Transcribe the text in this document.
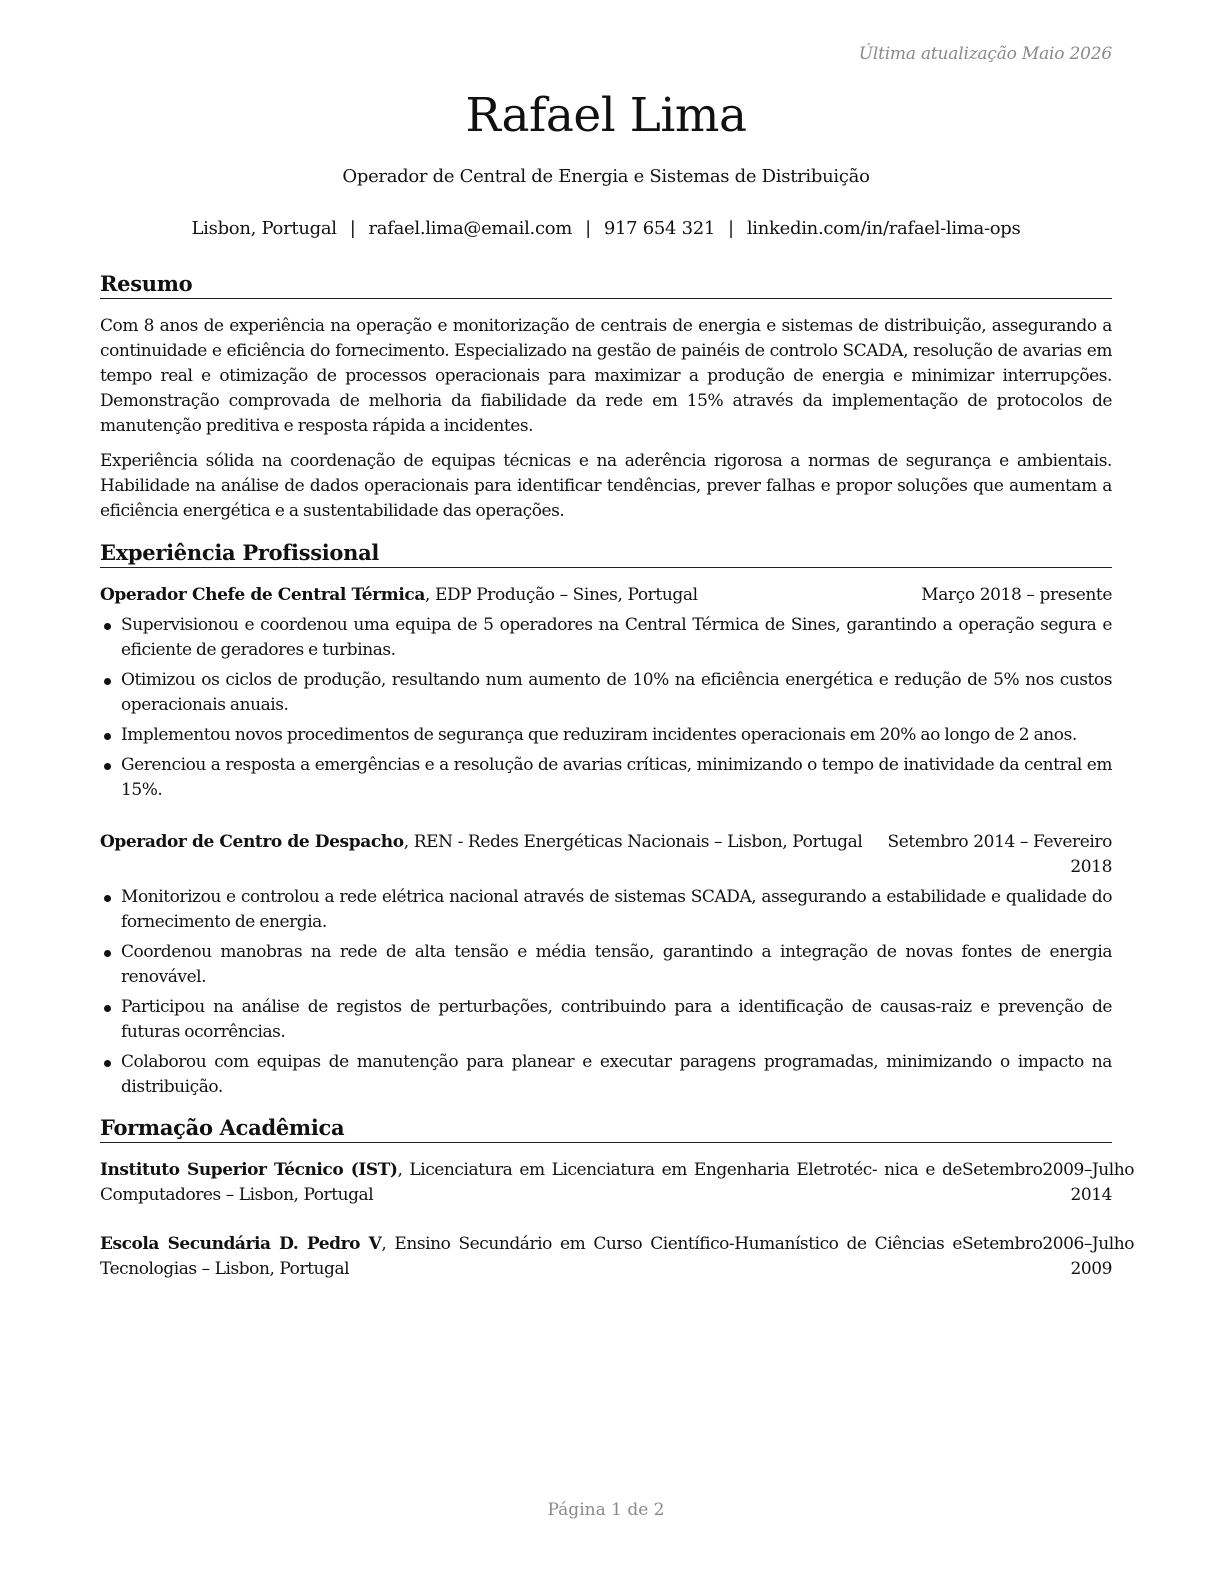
Última atualização Maio 2026
Rafael Lima
Operador de Central de Energia e Sistemas de Distribuição
Lisbon, Portugal | rafael.lima@email.com | 917 654 321 | linkedin.com/in/rafael-lima-ops
Resumo
Com 8 anos de experiência na operação e monitorização de centrais de energia e sistemas de distribuição, assegurando a continuidade e eficiência do fornecimento. Especializado na gestão de painéis de controlo SCADA, resolução de avarias em tempo real e otimização de processos operacionais para maximizar a produção de energia e minimizar interrupções. Demonstração comprovada de melhoria da fiabilidade da rede em 15% através da implementação de protocolos de manutenção preditiva e resposta rápida a incidentes.
Experiência sólida na coordenação de equipas técnicas e na aderência rigorosa a normas de segurança e ambientais. Habilidade na análise de dados operacionais para identificar tendências, prever falhas e propor soluções que aumentam a eficiência energética e a sustentabilidade das operações.
Experiência Profissional
Operador Chefe de Central Térmica, EDP Produção – Sines, Portugal	Março 2018 – presente
Supervisionou e coordenou uma equipa de 5 operadores na Central Térmica de Sines, garantindo a operação segura e eficiente de geradores e turbinas.
Otimizou os ciclos de produção, resultando num aumento de 10% na eficiência energética e redução de 5% nos custos operacionais anuais.
Implementou novos procedimentos de segurança que reduziram incidentes operacionais em 20% ao longo de 2 anos.
Gerenciou a resposta a emergências e a resolução de avarias críticas, minimizando o tempo de inatividade da central em 15%.
Operador de Centro de Despacho, REN - Redes Energéticas Nacionais – Lisbon, Portugal Setembro 2014 – Fevereiro
2018
Monitorizou e controlou a rede elétrica nacional através de sistemas SCADA, assegurando a estabilidade e qualidade do fornecimento de energia.
Coordenou manobras na rede de alta tensão e média tensão, garantindo a integração de novas fontes de energia renovável.
Participou na análise de registos de perturbações, contribuindo para a identificação de causas-raiz e prevenção de futuras ocorrências.
Colaborou com equipas de manutenção para planear e executar paragens programadas, minimizando o impacto na distribuição.
Formação Acadêmica
Instituto Superior Técnico (IST), Licenciatura em Licenciatura em Engenharia Eletrotéc- nica e de Computadores – Lisbon, Portugal
Setembro 2009 – Julho
2014
Escola Secundária D. Pedro V, Ensino Secundário em Curso Científico-Humanístico de Ciências e Tecnologias – Lisbon, Portugal
Setembro 2006 – Julho
2009
Página 1 de 2
